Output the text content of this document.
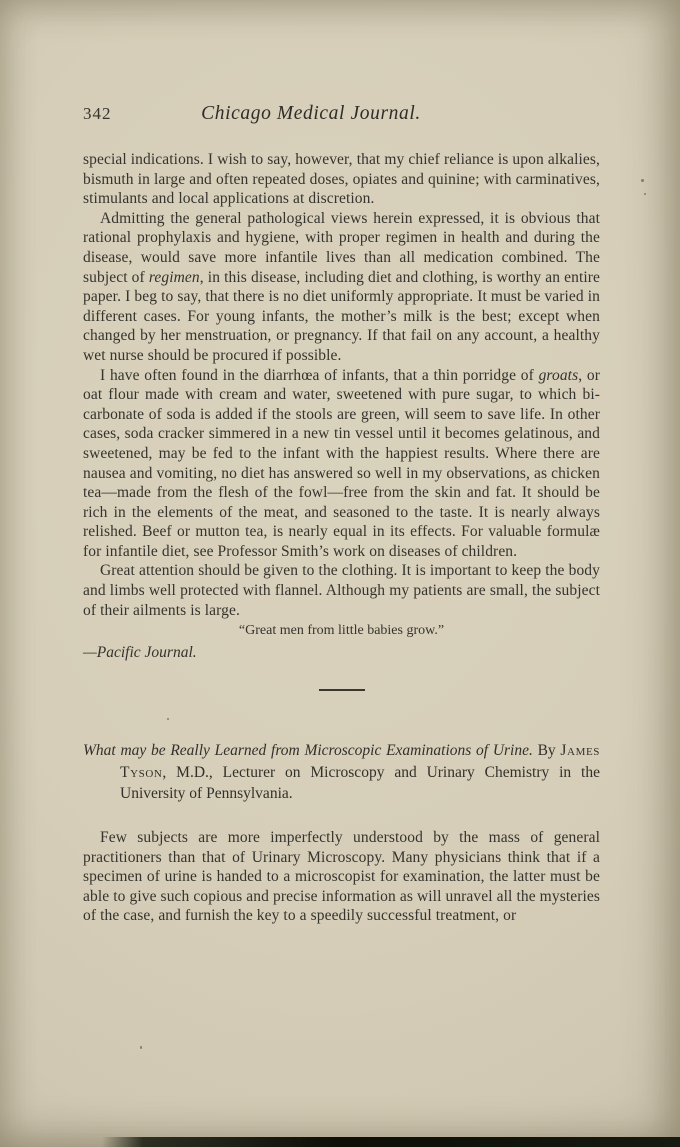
342	Chicago Medical Journal.

special indications. I wish to say, however, that my chief reliance is upon alkalies, bismuth in large and often repeated doses, opiates and quinine; with carminatives, stimulants and local applications at discretion.

Admitting the general pathological views herein expressed, it is obvious that rational prophylaxis and hygiene, with proper regimen in health and during the disease, would save more infantile lives than all medication combined. The subject of regimen, in this disease, including diet and clothing, is worthy an entire paper. I beg to say, that there is no diet uniformly appropriate. It must be varied in different cases. For young infants, the mother’s milk is the best; except when changed by her menstruation, or pregnancy. If that fail on any account, a healthy wet nurse should be procured if possible.

I have often found in the diarrhœa of infants, that a thin porridge of groats, or oat flour made with cream and water, sweetened with pure sugar, to which bi-carbonate of soda is added if the stools are green, will seem to save life. In other cases, soda cracker simmered in a new tin vessel until it becomes gelatinous, and sweetened, may be fed to the infant with the happiest results. Where there are nausea and vomiting, no diet has answered so well in my observations, as chicken tea—made from the flesh of the fowl—free from the skin and fat. It should be rich in the elements of the meat, and seasoned to the taste. It is nearly always relished. Beef or mutton tea, is nearly equal in its effects. For valuable formulæ for infantile diet, see Professor Smith’s work on diseases of children.

Great attention should be given to the clothing. It is important to keep the body and limbs well protected with flannel. Although my patients are small, the subject of their ailments is large.

“Great men from little babies grow.”

—Pacific Journal.

What may be Really Learned from Microscopic Examinations of Urine. By James Tyson, M.D., Lecturer on Microscopy and Urinary Chemistry in the University of Pennsylvania.

Few subjects are more imperfectly understood by the mass of general practitioners than that of Urinary Microscopy. Many physicians think that if a specimen of urine is handed to a microscopist for examination, the latter must be able to give such copious and precise information as will unravel all the mysteries of the case, and furnish the key to a speedily successful treatment, or
